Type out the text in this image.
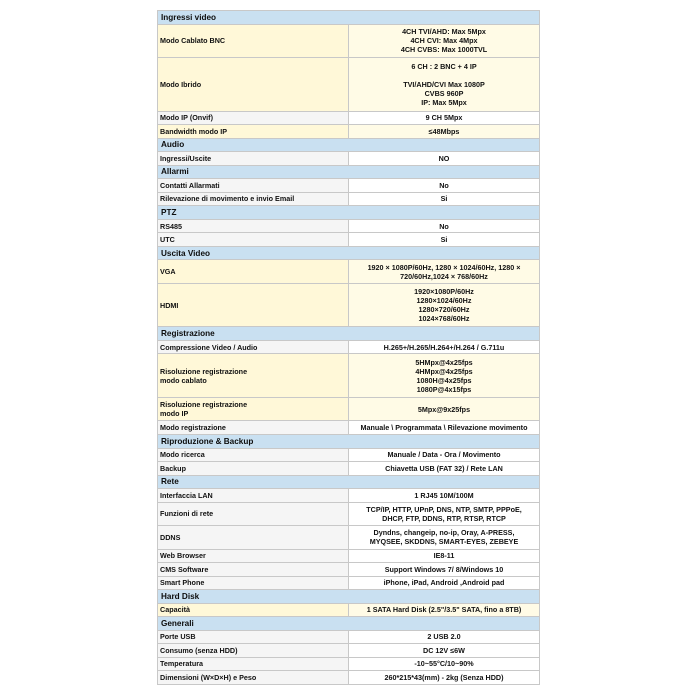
Ingressi video	
Modo Cablato BNC	4CH TVI/AHD: Max 5Mpx
4CH CVI: Max 4Mpx
4CH CVBS: Max 1000TVL

Modo Ibrido	6 CH : 2 BNC + 4 IP

TVI/AHD/CVI Max 1080P
CVBS 960P
IP: Max 5Mpx

Modo IP (Onvif)	9 CH 5Mpx

Bandwidth modo IP	≤48Mbps

Audio	
Ingressi/Uscite	NO

Allarmi	
Contatti Allarmati	No

Rilevazione di movimento e invio Email	Si

PTZ	
RS485	No

UTC	Si

Uscita Video	
VGA	1920 × 1080P/60Hz, 1280 × 1024/60Hz, 1280 ×
720/60Hz,1024 × 768/60Hz

HDMI	1920×1080P/60Hz
1280×1024/60Hz
1280×720/60Hz
1024×768/60Hz

Registrazione	
Compressione Video / Audio	H.265+/H.265/H.264+/H.264 / G.711u

Risoluzione registrazione
modo cablato	5HMpx@4x25fps
4HMpx@4x25fps
1080H@4x25fps
1080P@4x15fps

Risoluzione registrazione
modo IP	5Mpx@9x25fps

Modo registrazione	Manuale \ Programmata \ Rilevazione movimento

Riproduzione & Backup	
Modo ricerca	Manuale / Data - Ora / Movimento

Backup	Chiavetta USB (FAT 32) / Rete LAN

Rete	
Interfaccia LAN	1 RJ45 10M/100M

Funzioni di rete	TCP/IP, HTTP, UPnP, DNS, NTP, SMTP, PPPoE,
DHCP, FTP, DDNS, RTP, RTSP, RTCP

DDNS	Dyndns, changeip, no-ip, Oray, A-PRESS,
MYQSEE, SKDDNS, SMART-EYES, ZEBEYE

Web Browser	IE8-11

CMS Software	Support Windows 7/ 8/Windows 10

Smart Phone	iPhone, iPad, Android ,Android pad

Hard Disk	
Capacità	1 SATA Hard Disk (2.5"/3.5" SATA, fino a 8TB)

Generali	
Porte USB	2 USB 2.0

Consumo (senza HDD)	DC 12V ≤6W

Temperatura	-10~55°C/10~90%

Dimensioni (W×D×H) e Peso	260*215*43(mm) - 2kg (Senza HDD)
